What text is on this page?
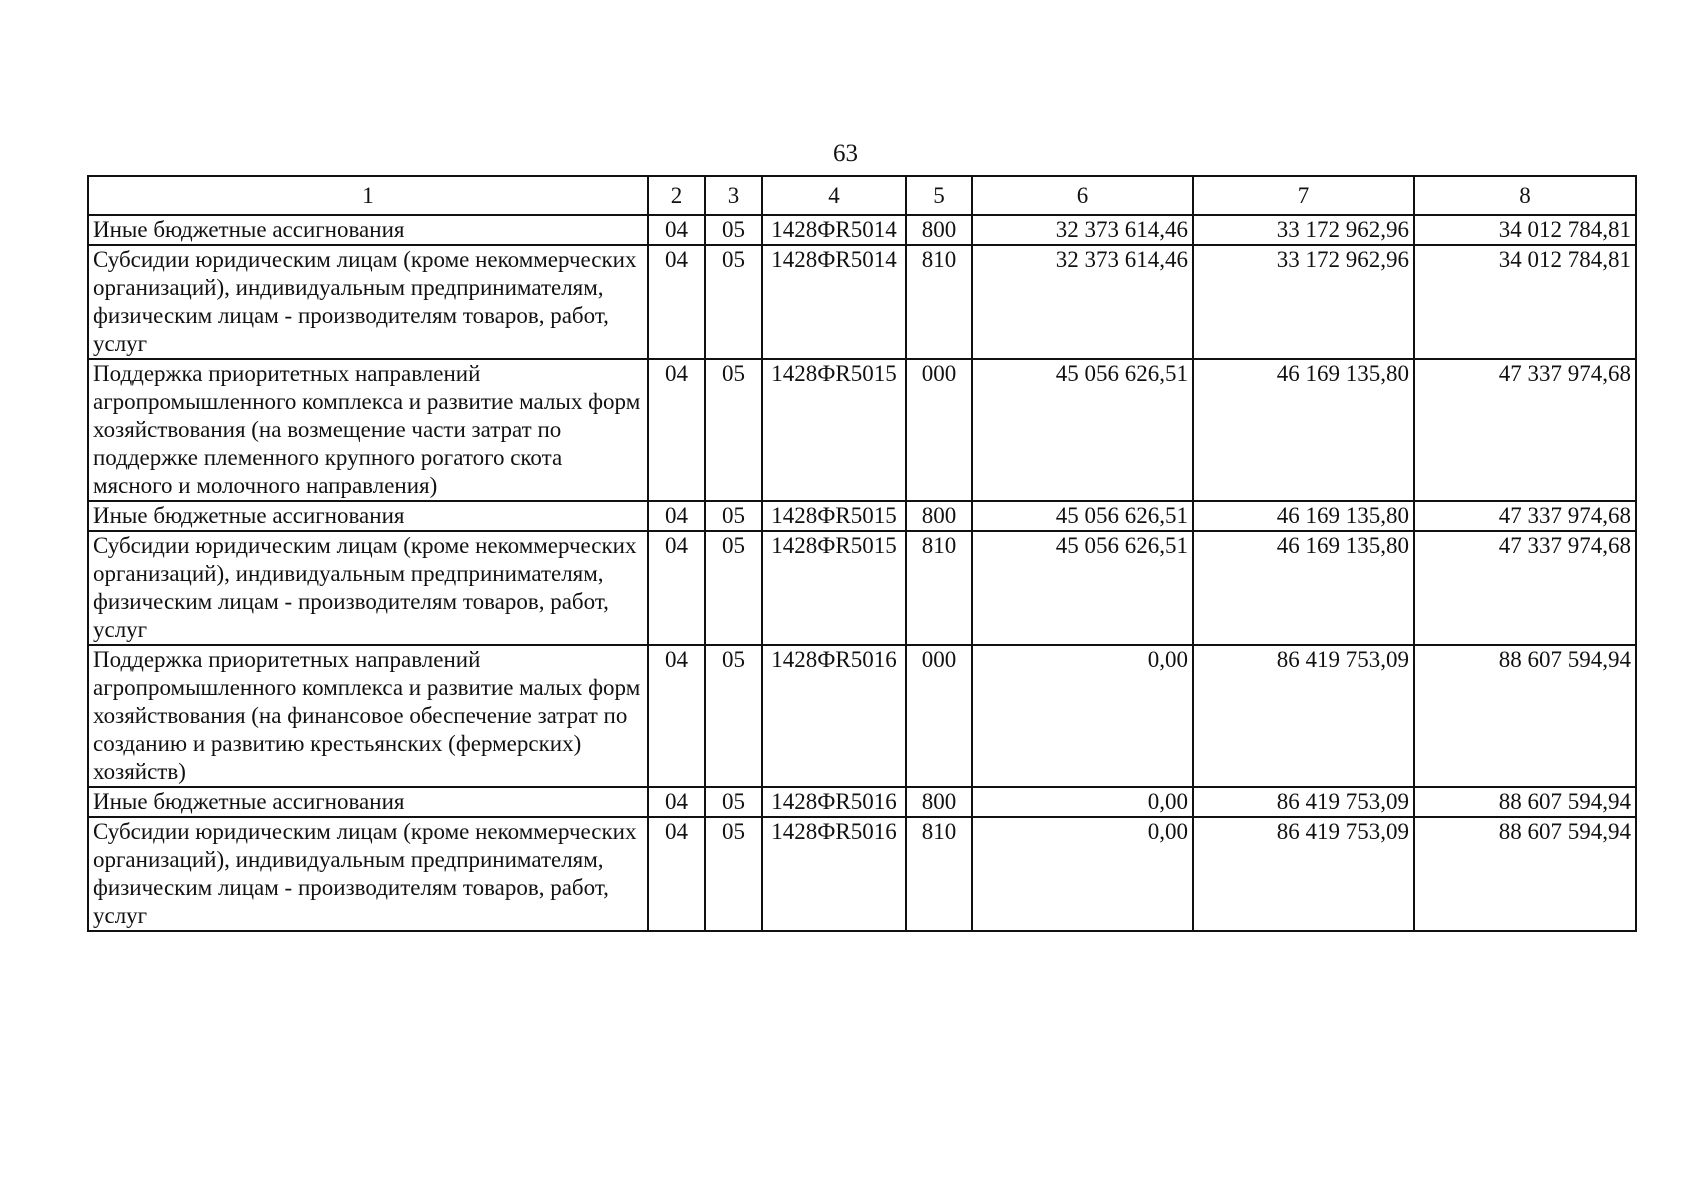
63
1	2	3	4	5	6	7	8
Иные бюджетные ассигнования	04	05	1428ФR5014	800	32 373 614,46	33 172 962,96	34 012 784,81
Субсидии юридическим лицам (кроме некоммерческих организаций), индивидуальным предпринимателям, физическим лицам - производителям товаров, работ, услуг	04	05	1428ФR5014	810	32 373 614,46	33 172 962,96	34 012 784,81
Поддержка приоритетных направлений агропромышленного комплекса и развитие малых форм хозяйствования (на возмещение части затрат по поддержке племенного крупного рогатого скота мясного и молочного направления)	04	05	1428ФR5015	000	45 056 626,51	46 169 135,80	47 337 974,68
Иные бюджетные ассигнования	04	05	1428ФR5015	800	45 056 626,51	46 169 135,80	47 337 974,68
Субсидии юридическим лицам (кроме некоммерческих организаций), индивидуальным предпринимателям, физическим лицам - производителям товаров, работ, услуг	04	05	1428ФR5015	810	45 056 626,51	46 169 135,80	47 337 974,68
Поддержка приоритетных направлений агропромышленного комплекса и развитие малых форм хозяйствования (на финансовое обеспечение затрат по созданию и развитию крестьянских (фермерских) хозяйств)	04	05	1428ФR5016	000	0,00	86 419 753,09	88 607 594,94
Иные бюджетные ассигнования	04	05	1428ФR5016	800	0,00	86 419 753,09	88 607 594,94
Субсидии юридическим лицам (кроме некоммерческих организаций), индивидуальным предпринимателям, физическим лицам - производителям товаров, работ, услуг	04	05	1428ФR5016	810	0,00	86 419 753,09	88 607 594,94
